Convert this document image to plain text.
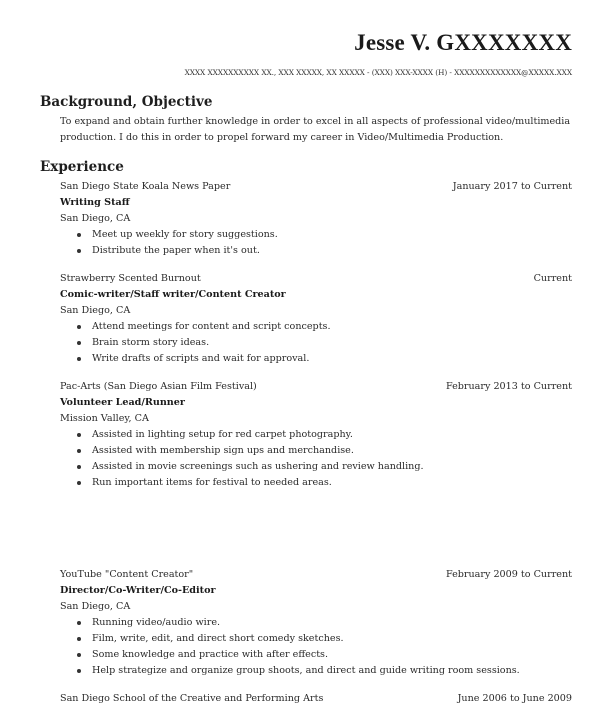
Jesse V. GXXXXXXX
XXXX XXXXXXXXXX XX., XXX XXXXX, XX XXXXX - (XXX) XXX-XXXX (H) - XXXXXXXXXXXXX@XXXXX.XXX
Background, Objective
To expand and obtain further knowledge in order to excel in all aspects of professional video/multimedia production. I do this in order to propel forward my career in Video/Multimedia Production.
Experience
San Diego State Koala News Paper	January 2017 to Current
Writing Staff
San Diego, CA
Meet up weekly for story suggestions.
Distribute the paper when it's out.
Strawberry Scented Burnout	Current
Comic-writer/Staff writer/Content Creator
San Diego, CA
Attend meetings for content and script concepts.
Brain storm story ideas.
Write drafts of scripts and wait for approval.
Pac-Arts (San Diego Asian Film Festival)	February 2013 to Current
Volunteer Lead/Runner
Mission Valley, CA
Assisted in lighting setup for red carpet photography.
Assisted with membership sign ups and merchandise.
Assisted in movie screenings such as ushering and review handling.
Run important items for festival to needed areas.
YouTube "Content Creator"	February 2009 to Current
Director/Co-Writer/Co-Editor
San Diego, CA
Running video/audio wire.
Film, write, edit, and direct short comedy sketches.
Some knowledge and practice with after effects.
Help strategize and organize group shoots, and direct and guide writing room sessions.
San Diego School of the Creative and Performing Arts	June 2006 to June 2009
